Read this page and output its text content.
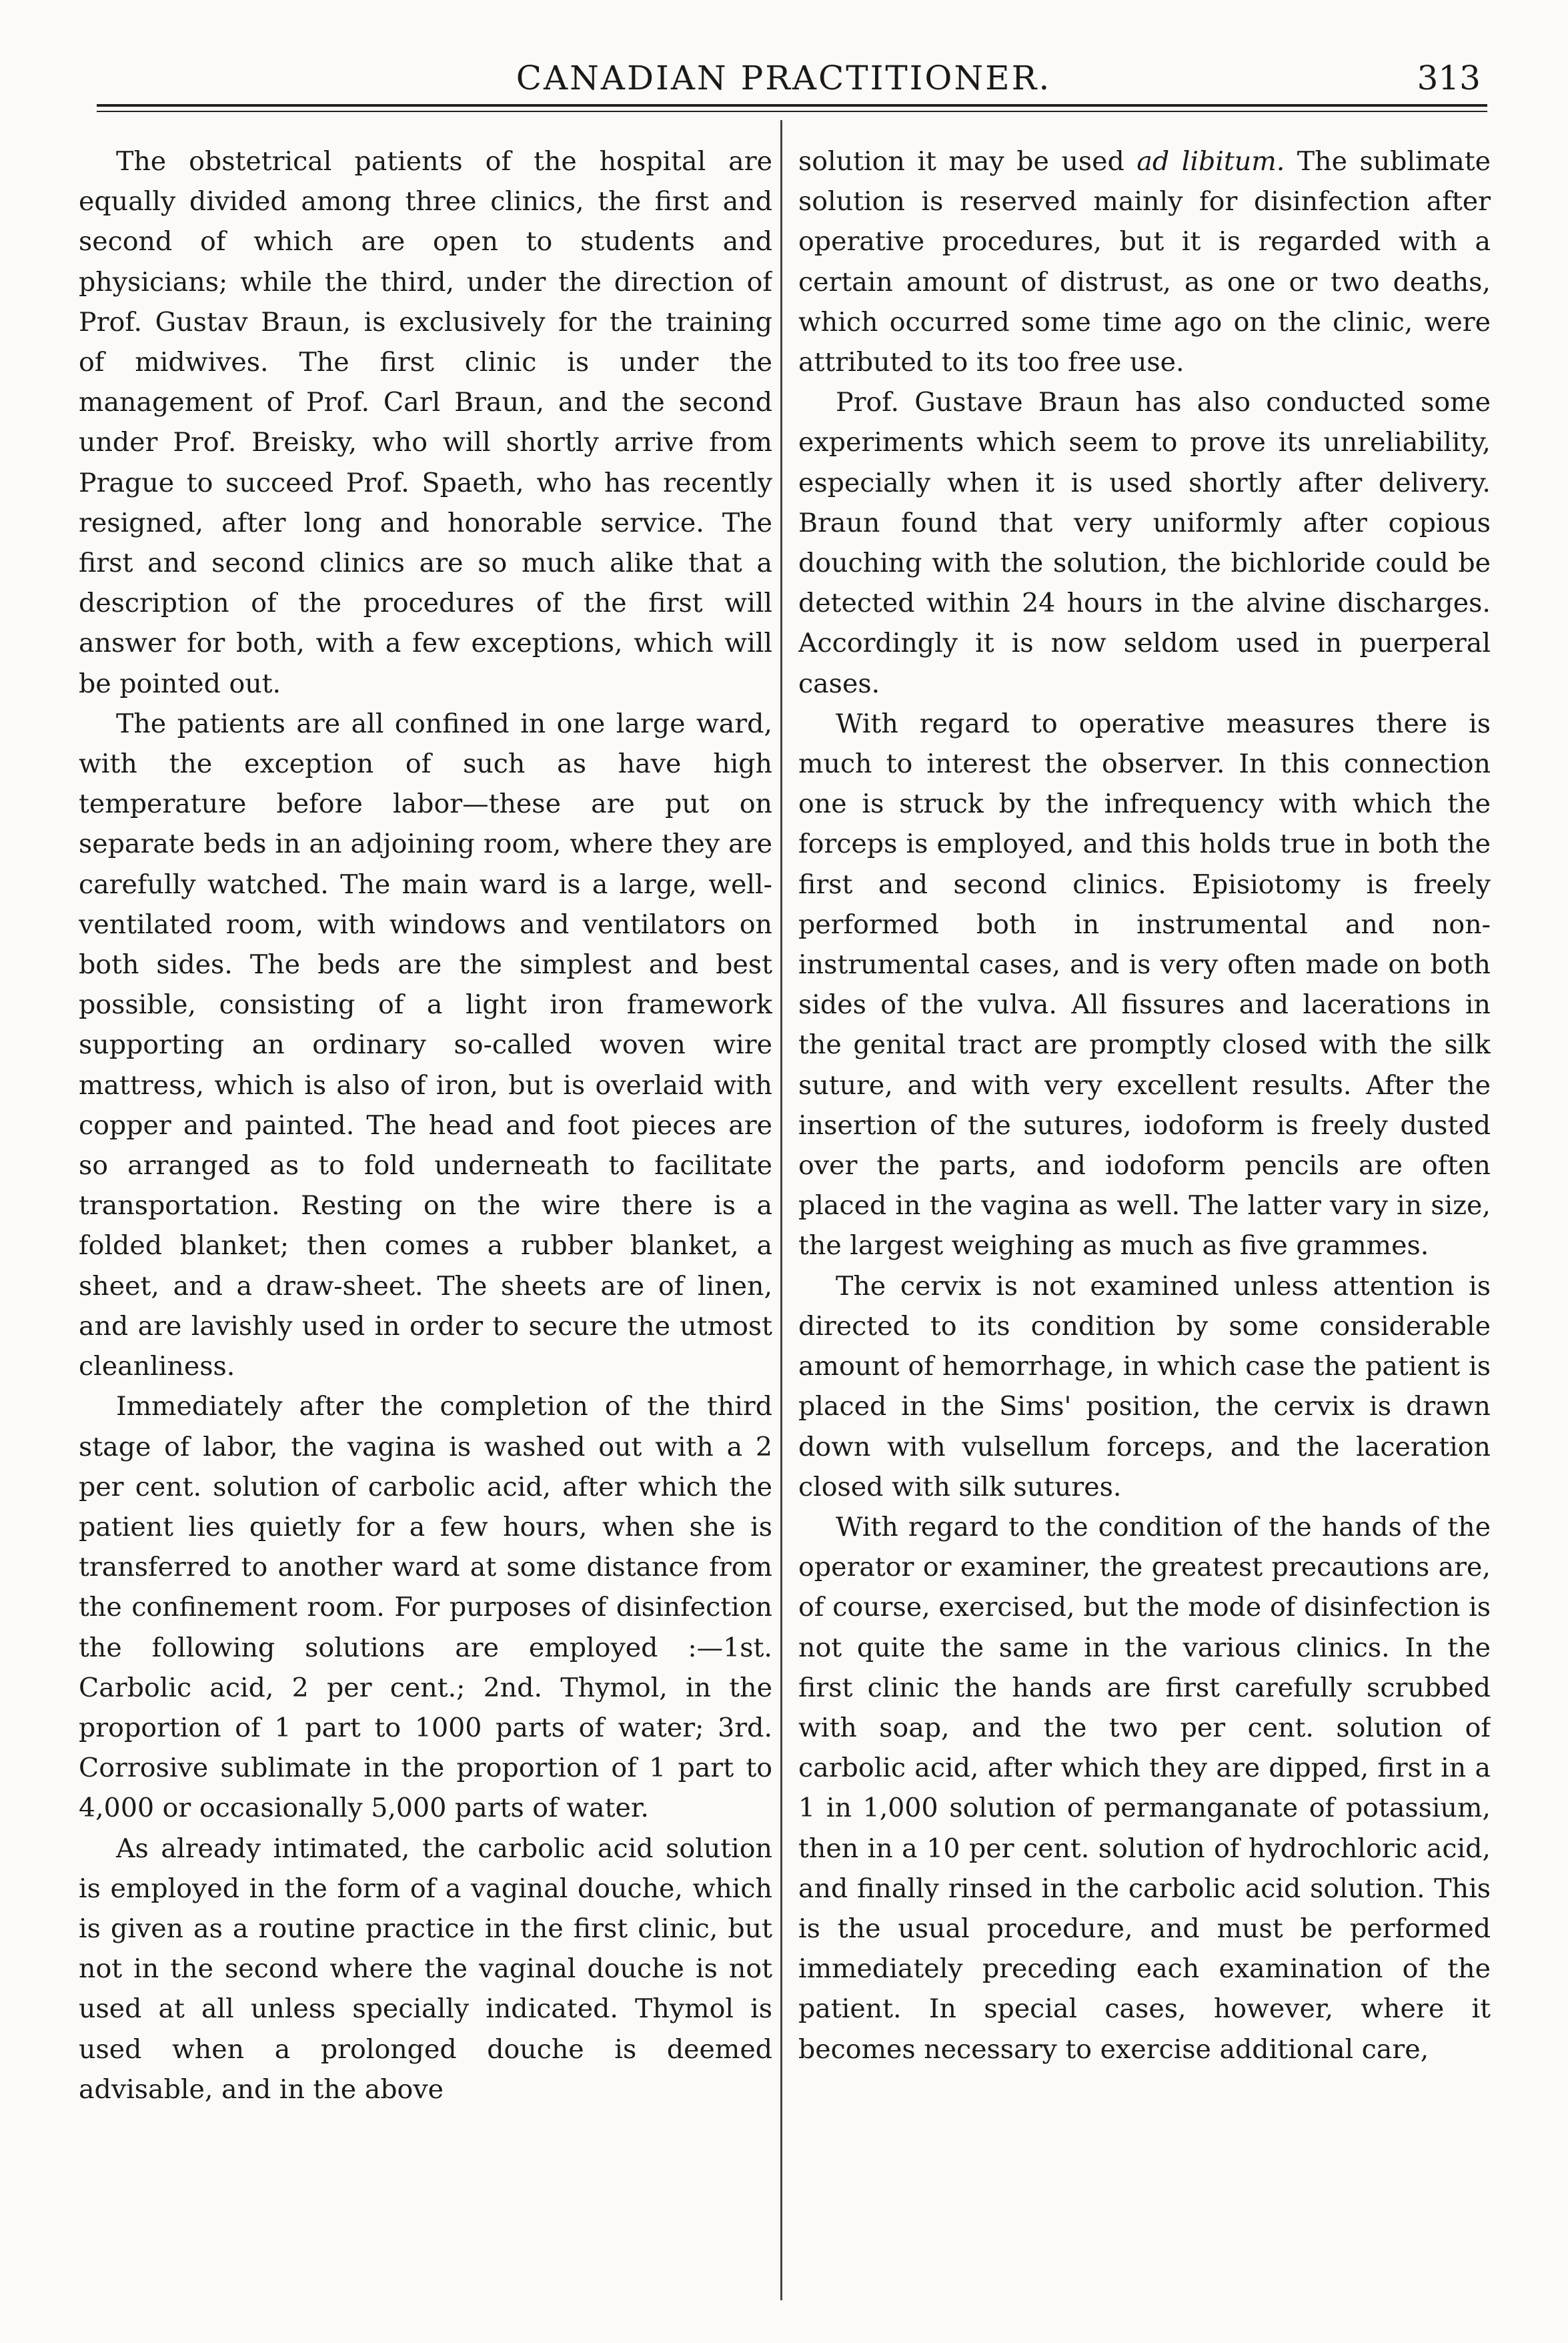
CANADIAN PRACTITIONER.	313

The obstetrical patients of the hospital are equally divided among three clinics, the first and second of which are open to students and physicians; while the third, under the direction of Prof. Gustav Braun, is exclusively for the training of midwives. The first clinic is under the management of Prof. Carl Braun, and the second under Prof. Breisky, who will shortly arrive from Prague to succeed Prof. Spaeth, who has recently resigned, after long and honorable service. The first and second clinics are so much alike that a description of the procedures of the first will answer for both, with a few exceptions, which will be pointed out.

The patients are all confined in one large ward, with the exception of such as have high temperature before labor—these are put on separate beds in an adjoining room, where they are carefully watched. The main ward is a large, well-ventilated room, with windows and ventilators on both sides. The beds are the simplest and best possible, consisting of a light iron framework supporting an ordinary so-called woven wire mattress, which is also of iron, but is overlaid with copper and painted. The head and foot pieces are so arranged as to fold underneath to facilitate transportation. Resting on the wire there is a folded blanket; then comes a rubber blanket, a sheet, and a draw-sheet. The sheets are of linen, and are lavishly used in order to secure the utmost cleanliness.

Immediately after the completion of the third stage of labor, the vagina is washed out with a 2 per cent. solution of carbolic acid, after which the patient lies quietly for a few hours, when she is transferred to another ward at some distance from the confinement room. For purposes of disinfection the following solutions are employed :—1st. Carbolic acid, 2 per cent.; 2nd. Thymol, in the proportion of 1 part to 1000 parts of water; 3rd. Corrosive sublimate in the proportion of 1 part to 4,000 or occasionally 5,000 parts of water.

As already intimated, the carbolic acid solution is employed in the form of a vaginal douche, which is given as a routine practice in the first clinic, but not in the second where the vaginal douche is not used at all unless specially indicated. Thymol is used when a prolonged douche is deemed advisable, and in the above

solution it may be used ad libitum. The sublimate solution is reserved mainly for disinfection after operative procedures, but it is regarded with a certain amount of distrust, as one or two deaths, which occurred some time ago on the clinic, were attributed to its too free use.

Prof. Gustave Braun has also conducted some experiments which seem to prove its unreliability, especially when it is used shortly after delivery. Braun found that very uniformly after copious douching with the solution, the bichloride could be detected within 24 hours in the alvine discharges. Accordingly it is now seldom used in puerperal cases.

With regard to operative measures there is much to interest the observer. In this connection one is struck by the infrequency with which the forceps is employed, and this holds true in both the first and second clinics. Episiotomy is freely performed both in instrumental and non-instrumental cases, and is very often made on both sides of the vulva. All fissures and lacerations in the genital tract are promptly closed with the silk suture, and with very excellent results. After the insertion of the sutures, iodoform is freely dusted over the parts, and iodoform pencils are often placed in the vagina as well. The latter vary in size, the largest weighing as much as five grammes.

The cervix is not examined unless attention is directed to its condition by some considerable amount of hemorrhage, in which case the patient is placed in the Sims' position, the cervix is drawn down with vulsellum forceps, and the laceration closed with silk sutures.

With regard to the condition of the hands of the operator or examiner, the greatest precautions are, of course, exercised, but the mode of disinfection is not quite the same in the various clinics. In the first clinic the hands are first carefully scrubbed with soap, and the two per cent. solution of carbolic acid, after which they are dipped, first in a 1 in 1,000 solution of permanganate of potassium, then in a 10 per cent. solution of hydrochloric acid, and finally rinsed in the carbolic acid solution. This is the usual procedure, and must be performed immediately preceding each examination of the patient. In special cases, however, where it becomes necessary to exercise additional care,
